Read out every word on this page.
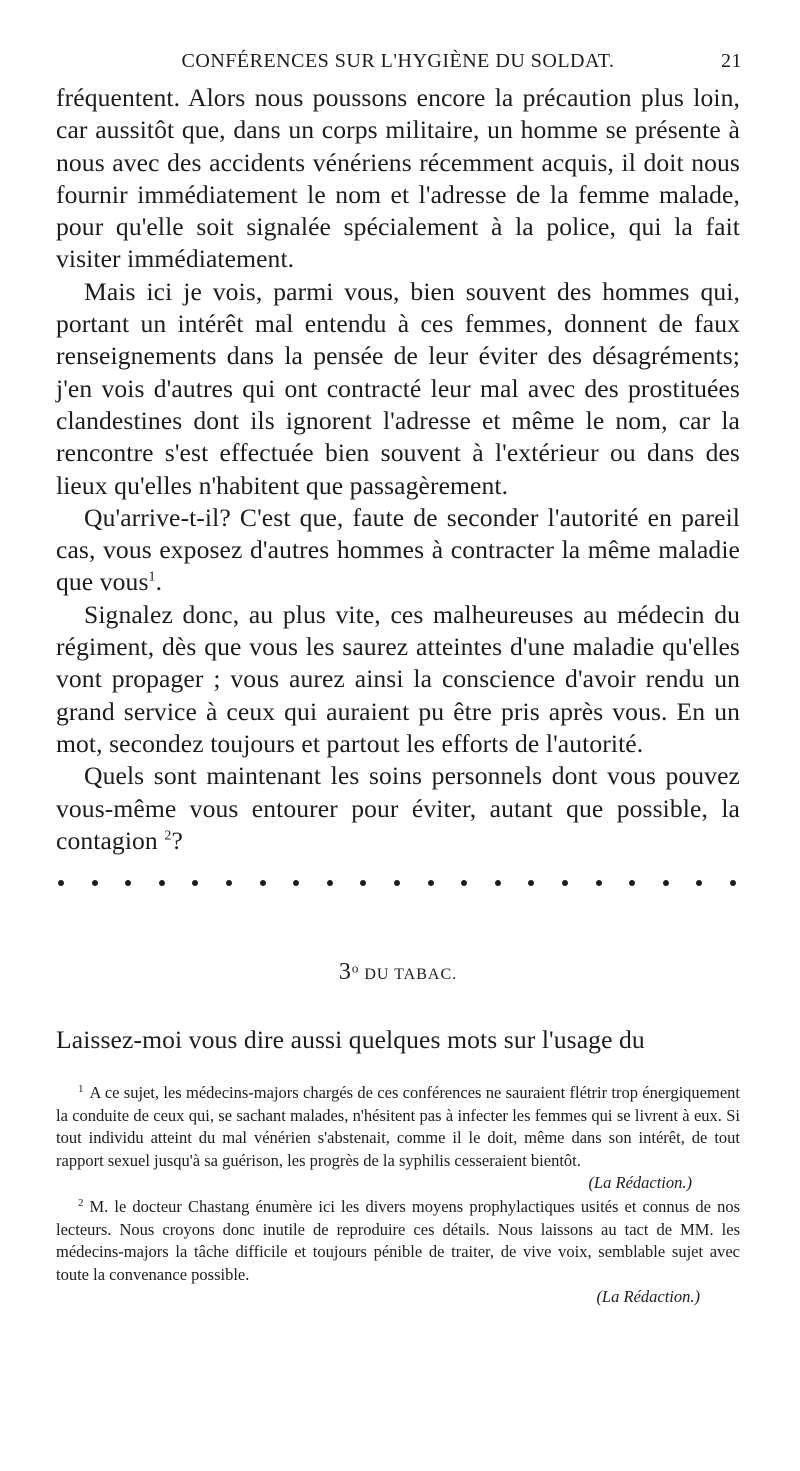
CONFÉRENCES SUR L'HYGIÈNE DU SOLDAT.	21

fréquentent. Alors nous poussons encore la précaution plus loin, car aussitôt que, dans un corps militaire, un homme se présente à nous avec des accidents vénériens récemment acquis, il doit nous fournir immédiatement le nom et l'adresse de la femme malade, pour qu'elle soit signalée spécialement à la police, qui la fait visiter immédiatement.

Mais ici je vois, parmi vous, bien souvent des hommes qui, portant un intérêt mal entendu à ces femmes, donnent de faux renseignements dans la pensée de leur éviter des désagréments; j'en vois d'autres qui ont contracté leur mal avec des prostituées clandestines dont ils ignorent l'adresse et même le nom, car la rencontre s'est effectuée bien souvent à l'extérieur ou dans des lieux qu'elles n'habitent que passagèrement.

Qu'arrive-t-il? C'est que, faute de seconder l'autorité en pareil cas, vous exposez d'autres hommes à contracter la même maladie que vous$^1$.

Signalez donc, au plus vite, ces malheureuses au médecin du régiment, dès que vous les saurez atteintes d'une maladie qu'elles vont propager ; vous aurez ainsi la conscience d'avoir rendu un grand service à ceux qui auraient pu être pris après vous. En un mot, secondez toujours et partout les efforts de l'autorité.

Quels sont maintenant les soins personnels dont vous pouvez vous-même vous entourer pour éviter, autant que possible, la contagion $^2$?

3$^o$ DU TABAC.

Laissez-moi vous dire aussi quelques mots sur l'usage du

$^1$ A ce sujet, les médecins-majors chargés de ces conférences ne sauraient flétrir trop énergiquement la conduite de ceux qui, se sachant malades, n'hésitent pas à infecter les femmes qui se livrent à eux. Si tout individu atteint du mal vénérien s'abstenait, comme il le doit, même dans son intérêt, de tout rapport sexuel jusqu'à sa guérison, les progrès de la syphilis cesseraient bientôt.

(La Rédaction.)

$^2$ M. le docteur Chastang énumère ici les divers moyens prophylactiques usités et connus de nos lecteurs. Nous croyons donc inutile de reproduire ces détails. Nous laissons au tact de MM. les médecins-majors la tâche difficile et toujours pénible de traiter, de vive voix, semblable sujet avec toute la convenance possible.

(La Rédaction.)
